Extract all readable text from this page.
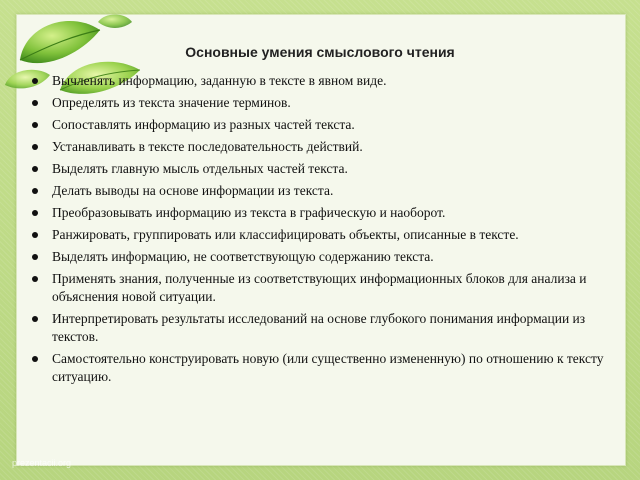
Основные умения смыслового чтения
Вычленять информацию, заданную в тексте в явном виде.
Определять из текста значение терминов.
Сопоставлять информацию из разных частей текста.
Устанавливать в тексте последовательность действий.
Выделять главную мысль отдельных частей текста.
Делать выводы на основе информации из текста.
Преобразовывать информацию из текста в графическую и наоборот.
Ранжировать, группировать или классифицировать объекты, описанные в тексте.
Выделять информацию, не соответствующую содержанию текста.
Применять знания, полученные из соответствующих информационных блоков для анализа и объяснения новой ситуации.
Интерпретировать результаты исследований на основе глубокого понимания информации из текстов.
Самостоятельно конструировать новую (или существенно измененную) по отношению к тексту ситуацию.
prezentacii.org
